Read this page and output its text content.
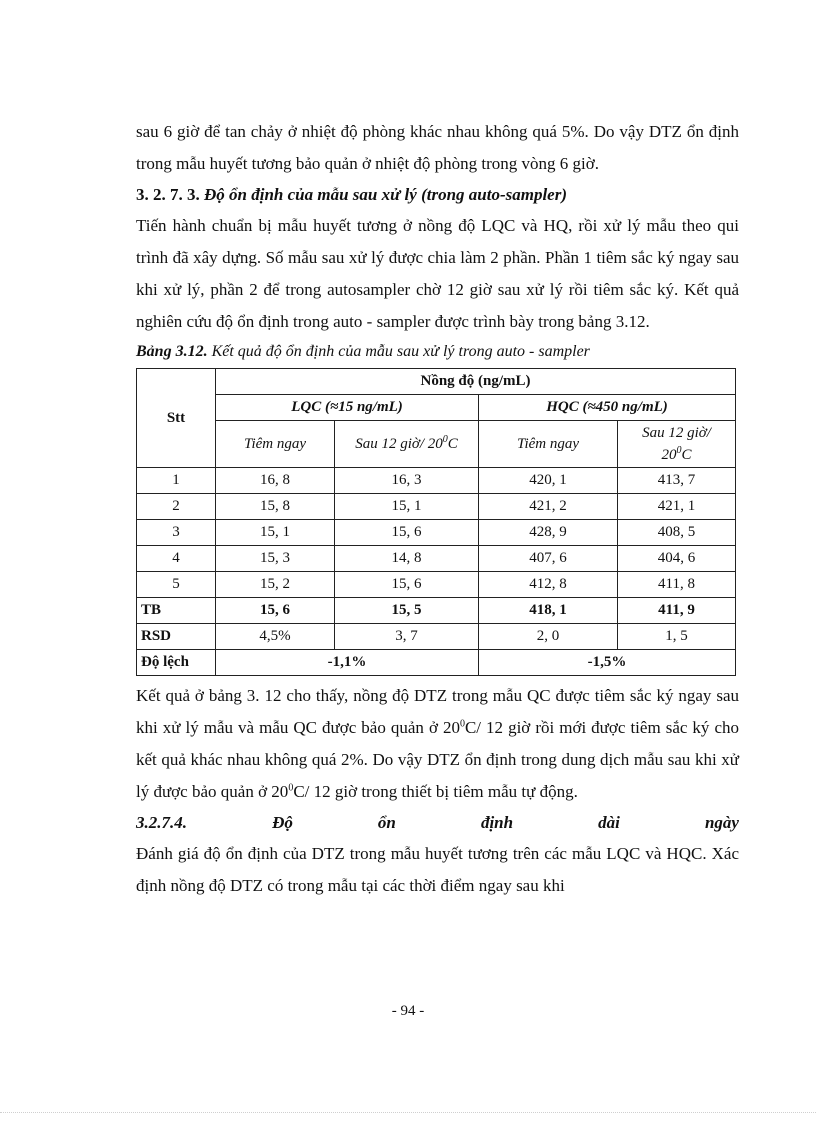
sau 6 giờ để tan chảy ở nhiệt độ phòng khác nhau không quá 5%. Do vậy DTZ ổn định trong mẫu huyết tương bảo quản ở nhiệt độ phòng trong vòng 6 giờ.

3. 2. 7. 3. Độ ổn định của mẫu sau xử lý (trong auto-sampler)

Tiến hành chuẩn bị mẫu huyết tương ở nồng độ LQC và HQ, rồi xử lý mẫu theo qui trình đã xây dựng. Số mẫu sau xử lý được chia làm 2 phần. Phần 1 tiêm sắc ký ngay sau khi xử lý, phần 2 để trong autosampler chờ 12 giờ sau xử lý rồi tiêm sắc ký. Kết quả nghiên cứu độ ổn định trong auto - sampler được trình bày trong bảng 3.12.

Bảng 3.12. Kết quả độ ổn định của mẫu sau xử lý trong auto - sampler
Stt	Nồng độ (ng/mL)			
	LQC (≈15 ng/mL)		HQC (≈450 ng/mL)	
	Tiêm ngay	Sau 12 giờ/ $20^0C$	Tiêm ngay	Sau 12 giờ/
$20^0C$
1	16, 8	16, 3	420, 1	413, 7
2	15, 8	15, 1	421, 2	421, 1
3	15, 1	15, 6	428, 9	408, 5
4	15, 3	14, 8	407, 6	404, 6
5	15, 2	15, 6	412, 8	411, 8
TB	15, 6	15, 5	418, 1	411, 9
RSD	4,5%	3, 7	2, 0	1, 5
Độ lệch	-1,1%		-1,5%	

Kết quả ở bảng 3. 12 cho thấy, nồng độ DTZ trong mẫu QC được tiêm sắc ký ngay sau khi xử lý mẫu và mẫu QC được bảo quản ở $20^0C/$ 12 giờ rồi mới được tiêm sắc ký cho kết quả khác nhau không quá 2%. Do vậy DTZ ổn định trong dung dịch mẫu sau khi xử lý được bảo quản ở $20^0C/$ 12 giờ trong thiết bị tiêm mẫu tự động.

3.2.7.4.	Độ	ổn	định	dài	ngày

Đánh giá độ ổn định của DTZ trong mẫu huyết tương trên các mẫu LQC và HQC. Xác định nồng độ DTZ có trong mẫu tại các thời điểm ngay sau khi

- 94 -
